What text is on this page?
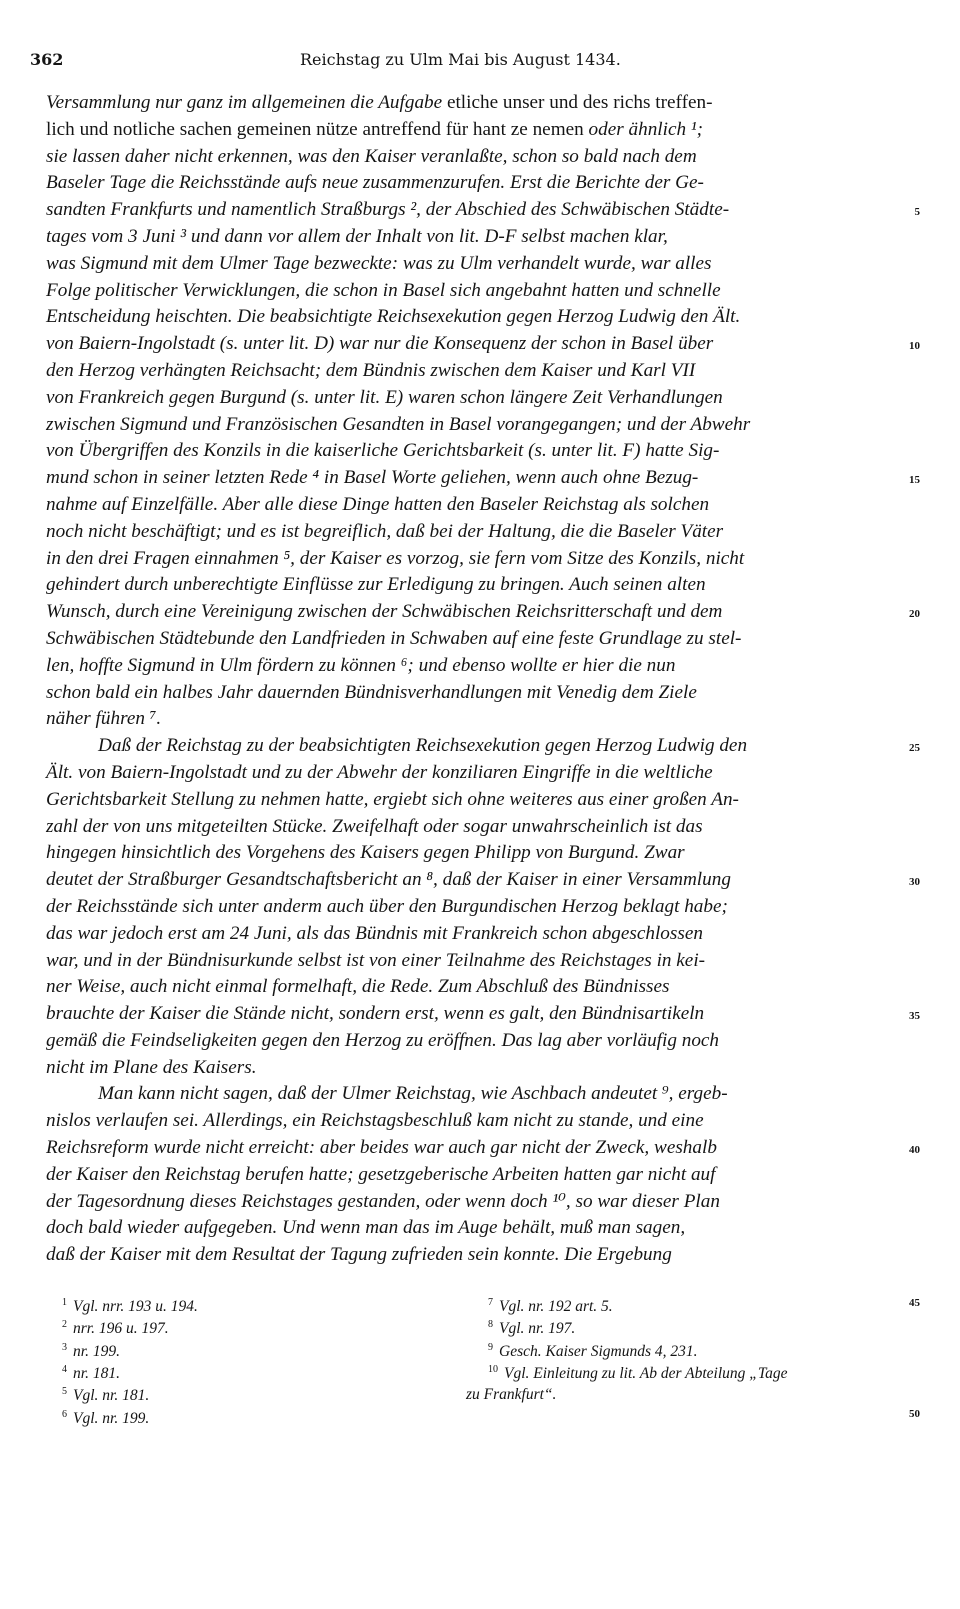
362	Reichstag zu Ulm Mai bis August 1434.
Versammlung nur ganz im allgemeinen die Aufgabe etliche unser und des richs treffen-
lich und notliche sachen gemeinen nütze antreffend für hant ze nemen oder ähnlich ¹;
sie lassen daher nicht erkennen, was den Kaiser veranlaßte, schon so bald nach dem
Baseler Tage die Reichsstände aufs neue zusammenzurufen. Erst die Berichte der Ge-
sandten Frankfurts und namentlich Straßburgs ², der Abschied des Schwäbischen Städte-
tages vom 3 Juni ³ und dann vor allem der Inhalt von lit. D-F selbst machen klar,
was Sigmund mit dem Ulmer Tage bezweckte: was zu Ulm verhandelt wurde, war alles
Folge politischer Verwicklungen, die schon in Basel sich angebahnt hatten und schnelle
Entscheidung heischten. Die beabsichtigte Reichsexekution gegen Herzog Ludwig den Ält.
von Baiern-Ingolstadt (s. unter lit. D) war nur die Konsequenz der schon in Basel über
den Herzog verhängten Reichsacht; dem Bündnis zwischen dem Kaiser und Karl VII
von Frankreich gegen Burgund (s. unter lit. E) waren schon längere Zeit Verhandlungen
zwischen Sigmund und Französischen Gesandten in Basel vorangegangen; und der Abwehr
von Übergriffen des Konzils in die kaiserliche Gerichtsbarkeit (s. unter lit. F) hatte Sig-
mund schon in seiner letzten Rede ⁴ in Basel Worte geliehen, wenn auch ohne Bezug-
nahme auf Einzelfälle. Aber alle diese Dinge hatten den Baseler Reichstag als solchen
noch nicht beschäftigt; und es ist begreiflich, daß bei der Haltung, die die Baseler Väter
in den drei Fragen einnahmen ⁵, der Kaiser es vorzog, sie fern vom Sitze des Konzils, nicht
gehindert durch unberechtigte Einflüsse zur Erledigung zu bringen. Auch seinen alten
Wunsch, durch eine Vereinigung zwischen der Schwäbischen Reichsritterschaft und dem
Schwäbischen Städtebunde den Landfrieden in Schwaben auf eine feste Grundlage zu stel-
len, hoffte Sigmund in Ulm fördern zu können ⁶; und ebenso wollte er hier die nun
schon bald ein halbes Jahr dauernden Bündnisverhandlungen mit Venedig dem Ziele
näher führen ⁷.
Daß der Reichstag zu der beabsichtigten Reichsexekution gegen Herzog Ludwig den
Ält. von Baiern-Ingolstadt und zu der Abwehr der konziliaren Eingriffe in die weltliche
Gerichtsbarkeit Stellung zu nehmen hatte, ergiebt sich ohne weiteres aus einer großen An-
zahl der von uns mitgeteilten Stücke. Zweifelhaft oder sogar unwahrscheinlich ist das
hingegen hinsichtlich des Vorgehens des Kaisers gegen Philipp von Burgund. Zwar
deutet der Straßburger Gesandtschaftsbericht an ⁸, daß der Kaiser in einer Versammlung
der Reichsstände sich unter anderm auch über den Burgundischen Herzog beklagt habe;
das war jedoch erst am 24 Juni, als das Bündnis mit Frankreich schon abgeschlossen
war, und in der Bündnisurkunde selbst ist von einer Teilnahme des Reichstages in kei-
ner Weise, auch nicht einmal formelhaft, die Rede. Zum Abschluß des Bündnisses
brauchte der Kaiser die Stände nicht, sondern erst, wenn es galt, den Bündnisartikeln
gemäß die Feindseligkeiten gegen den Herzog zu eröffnen. Das lag aber vorläufig noch
nicht im Plane des Kaisers.
Man kann nicht sagen, daß der Ulmer Reichstag, wie Aschbach andeutet ⁹, ergeb-
nislos verlaufen sei. Allerdings, ein Reichstagsbeschluß kam nicht zu stande, und eine
Reichsreform wurde nicht erreicht: aber beides war auch gar nicht der Zweck, weshalb
der Kaiser den Reichstag berufen hatte; gesetzgeberische Arbeiten hatten gar nicht auf
der Tagesordnung dieses Reichstages gestanden, oder wenn doch ¹⁰, so war dieser Plan
doch bald wieder aufgegeben. Und wenn man das im Auge behält, muß man sagen,
daß der Kaiser mit dem Resultat der Tagung zufrieden sein konnte. Die Ergebung
5
10
15
20
25
30
35
40
45
50
$^1$ Vgl. nrr. 193 u. 194.
$^2$ nrr. 196 u. 197.
$^3$ nr. 199.
$^4$ nr. 181.
$^5$ Vgl. nr. 181.
$^6$ Vgl. nr. 199.
$^7$ Vgl. nr. 192 art. 5.
$^8$ Vgl. nr. 197.
$^9$ Gesch. Kaiser Sigmunds 4, 231.
$^{10}$ Vgl. Einleitung zu lit. Ab der Abteilung „Tage
zu Frankfurt“.
